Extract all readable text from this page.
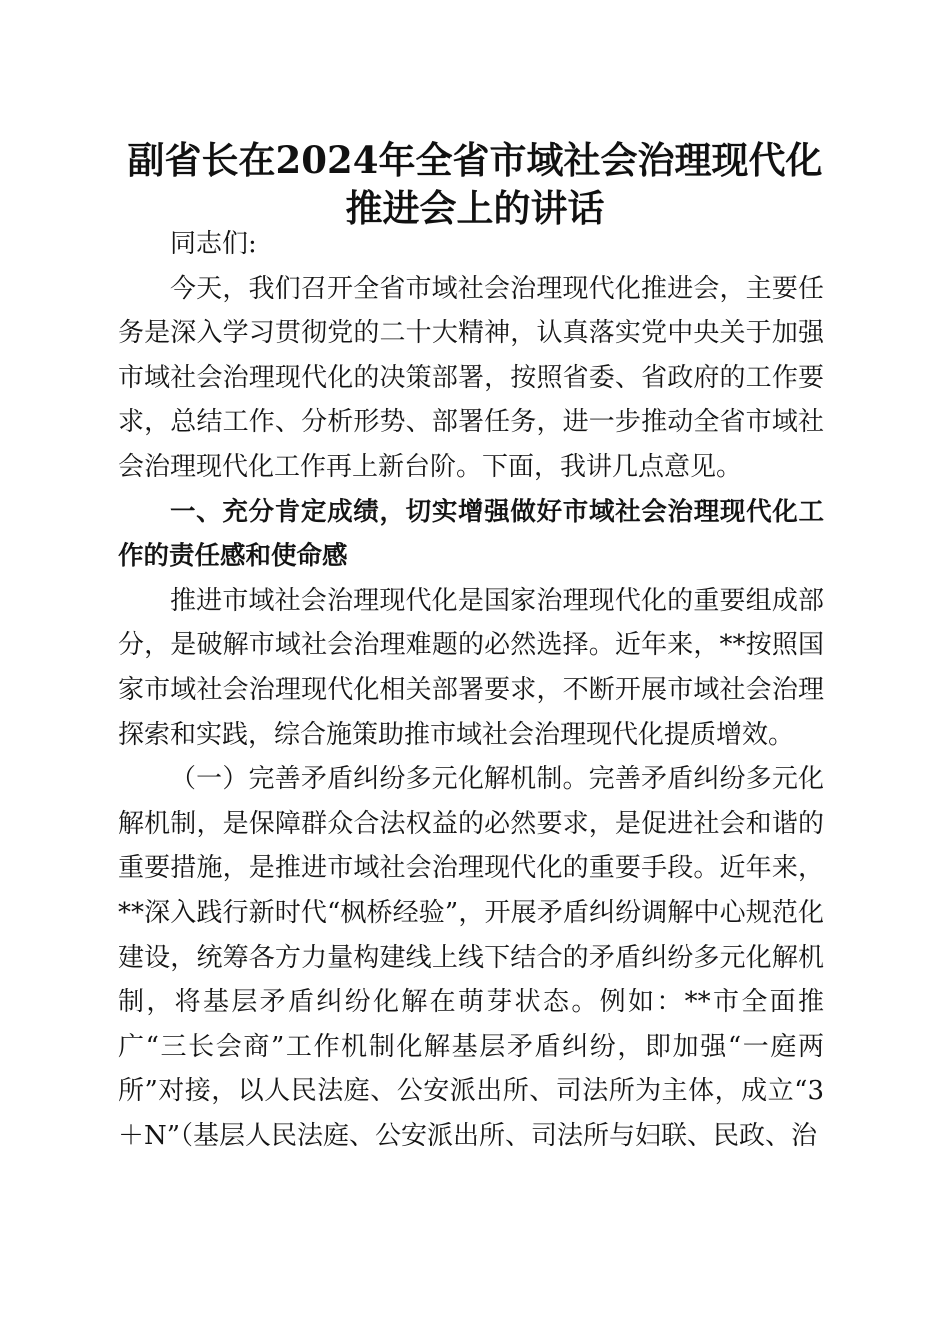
副省长在2024年全省市域社会治理现代化推进会上的讲话

同志们:

今天，我们召开全省市域社会治理现代化推进会，主要任务是深入学习贯彻党的二十大精神，认真落实党中央关于加强市域社会治理现代化的决策部署，按照省委、省政府的工作要求，总结工作、分析形势、部署任务，进一步推动全省市域社会治理现代化工作再上新台阶。下面，我讲几点意见。

一、充分肯定成绩，切实增强做好市域社会治理现代化工作的责任感和使命感

推进市域社会治理现代化是国家治理现代化的重要组成部分，是破解市域社会治理难题的必然选择。近年来，**按照国家市域社会治理现代化相关部署要求，不断开展市域社会治理探索和实践，综合施策助推市域社会治理现代化提质增效。

（一）完善矛盾纠纷多元化解机制。完善矛盾纠纷多元化解机制，是保障群众合法权益的必然要求，是促进社会和谐的重要措施，是推进市域社会治理现代化的重要手段。近年来，**深入践行新时代“枫桥经验”，开展矛盾纠纷调解中心规范化建设，统筹各方力量构建线上线下结合的矛盾纠纷多元化解机制，将基层矛盾纠纷化解在萌芽状态。例如：**市全面推广“三长会商”工作机制化解基层矛盾纠纷，即加强“一庭两所”对接，以人民法庭、公安派出所、司法所为主体，成立“3＋N”（基层人民法庭、公安派出所、司法所与妇联、民政、治
